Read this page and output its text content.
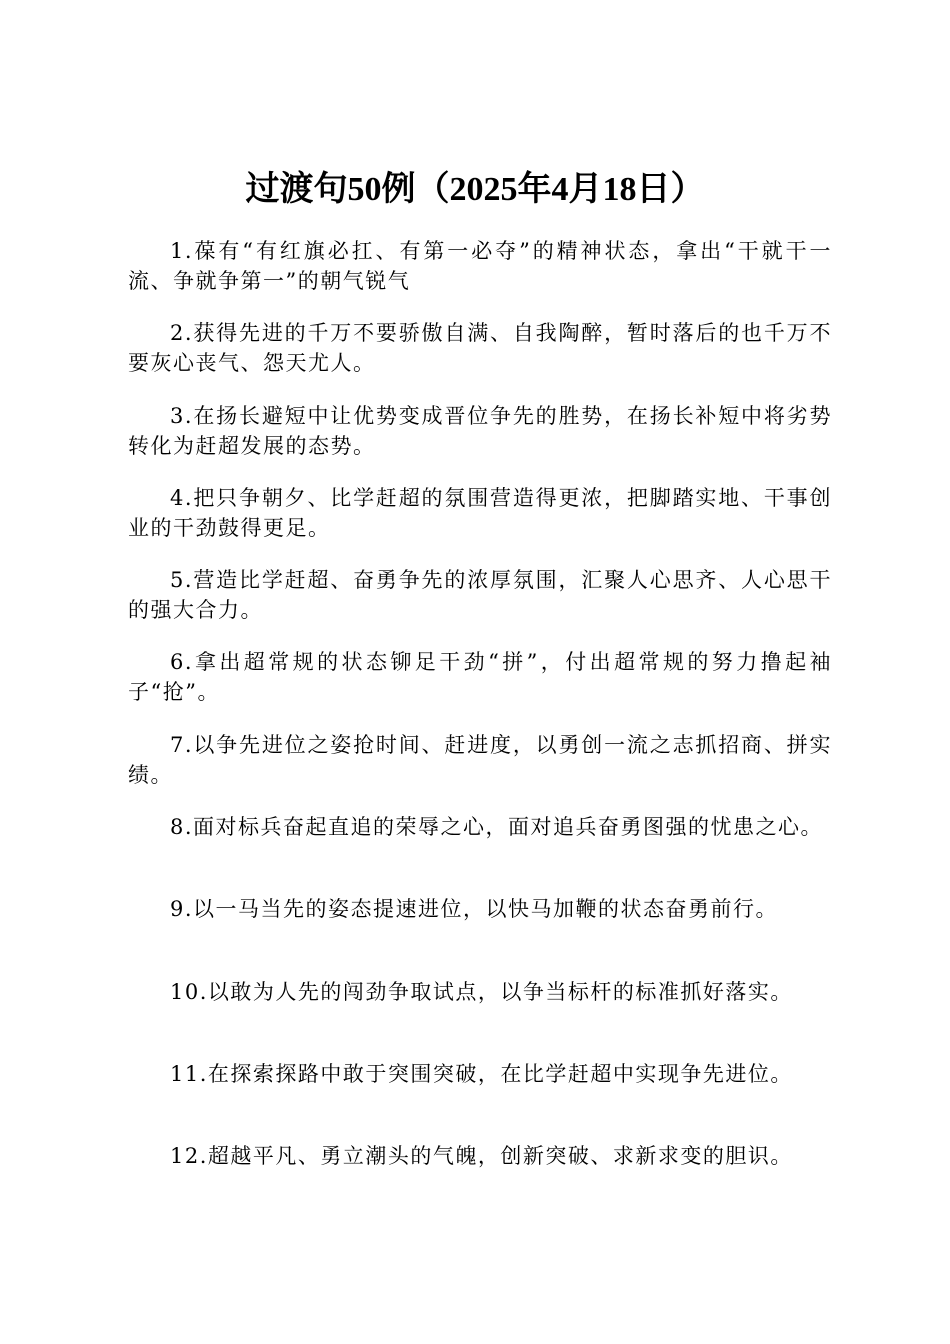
过渡句50例（2025年4月18日）

1.葆有“有红旗必扛、有第一必夺”的精神状态，拿出“干就干一流、争就争第一”的朝气锐气

2.获得先进的千万不要骄傲自满、自我陶醉，暂时落后的也千万不要灰心丧气、怨天尤人。

3.在扬长避短中让优势变成晋位争先的胜势，在扬长补短中将劣势转化为赶超发展的态势。

4.把只争朝夕、比学赶超的氛围营造得更浓，把脚踏实地、干事创业的干劲鼓得更足。

5.营造比学赶超、奋勇争先的浓厚氛围，汇聚人心思齐、人心思干的强大合力。

6.拿出超常规的状态铆足干劲“拼”，付出超常规的努力撸起袖子“抢”。

7.以争先进位之姿抢时间、赶进度，以勇创一流之志抓招商、拼实绩。

8.面对标兵奋起直追的荣辱之心，面对追兵奋勇图强的忧患之心。

9.以一马当先的姿态提速进位，以快马加鞭的状态奋勇前行。

10.以敢为人先的闯劲争取试点，以争当标杆的标准抓好落实。

11.在探索探路中敢于突围突破，在比学赶超中实现争先进位。

12.超越平凡、勇立潮头的气魄，创新突破、求新求变的胆识。
